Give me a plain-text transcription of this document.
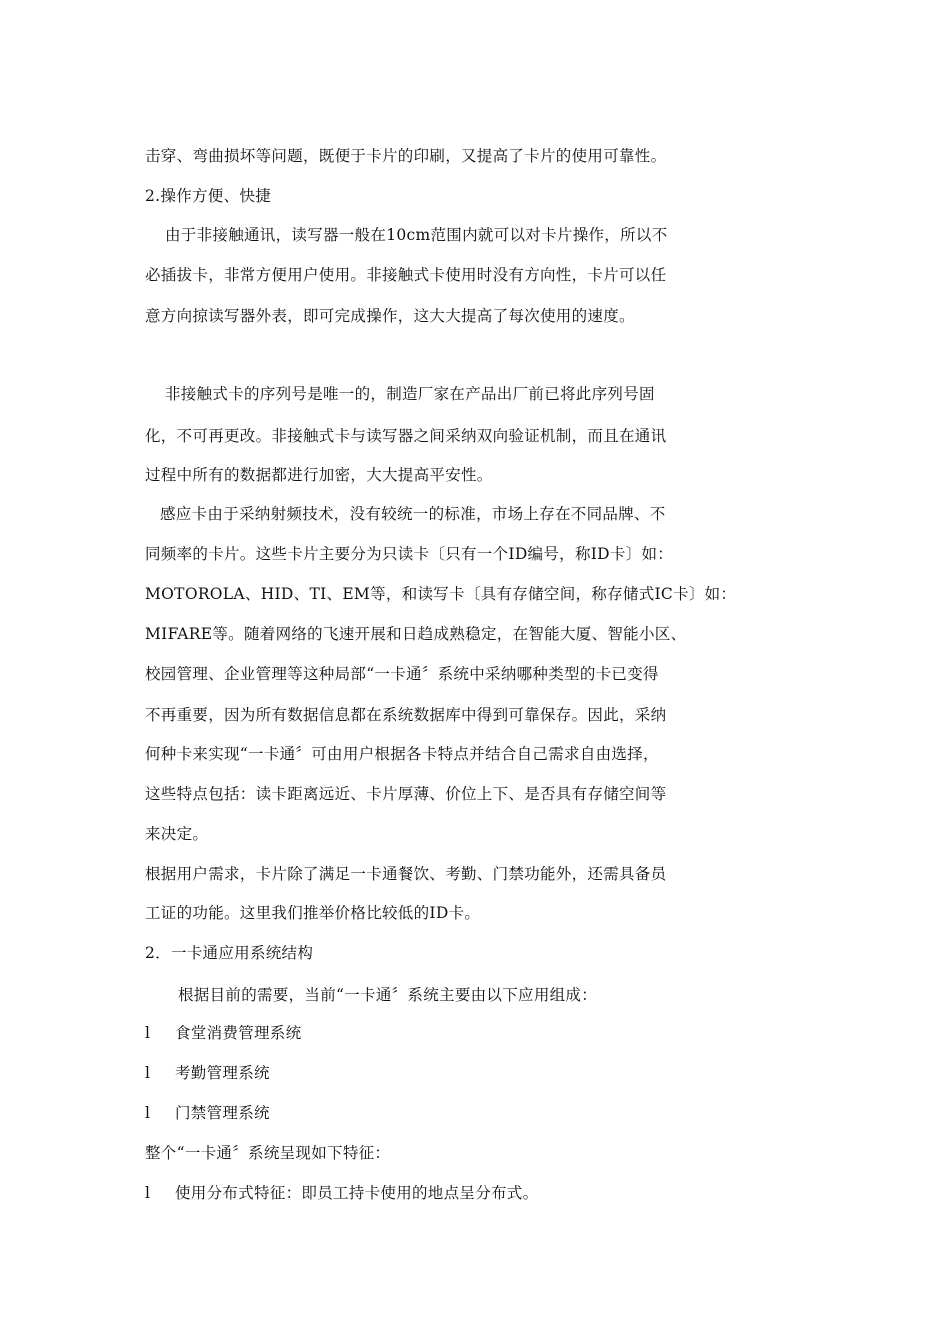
击穿、弯曲损坏等问题，既便于卡片的印刷，又提高了卡片的使用可靠性。
2.操作方便、快捷
由于非接触通讯，读写器一般在10cm范围内就可以对卡片操作，所以不
必插拔卡，非常方便用户使用。非接触式卡使用时没有方向性，卡片可以任
意方向掠读写器外表，即可完成操作，这大大提高了每次使用的速度。
非接触式卡的序列号是唯一的，制造厂家在产品出厂前已将此序列号固
化，不可再更改。非接触式卡与读写器之间采纳双向验证机制，而且在通讯
过程中所有的数据都进行加密，大大提高平安性。
感应卡由于采纳射频技术，没有较统一的标准，市场上存在不同品牌、不
同频率的卡片。这些卡片主要分为只读卡〔只有一个ID编号，称ID卡〕如：
MOTOROLA、HID、TI、EM等，和读写卡〔具有存储空间，称存储式IC卡〕如：
MIFARE等。随着网络的飞速开展和日趋成熟稳定，在智能大厦、智能小区、
校园管理、企业管理等这种局部“一卡通〞系统中采纳哪种类型的卡已变得
不再重要，因为所有数据信息都在系统数据库中得到可靠保存。因此，采纳
何种卡来实现“一卡通〞可由用户根据各卡特点并结合自己需求自由选择，
这些特点包括：读卡距离远近、卡片厚薄、价位上下、是否具有存储空间等
来决定。
根据用户需求，卡片除了满足一卡通餐饮、考勤、门禁功能外，还需具备员
工证的功能。这里我们推举价格比较低的ID卡。
2．一卡通应用系统结构
根据目前的需要，当前“一卡通〞系统主要由以下应用组成：
l 食堂消费管理系统
l 考勤管理系统
l 门禁管理系统
整个“一卡通〞系统呈现如下特征：
l 使用分布式特征：即员工持卡使用的地点呈分布式。
